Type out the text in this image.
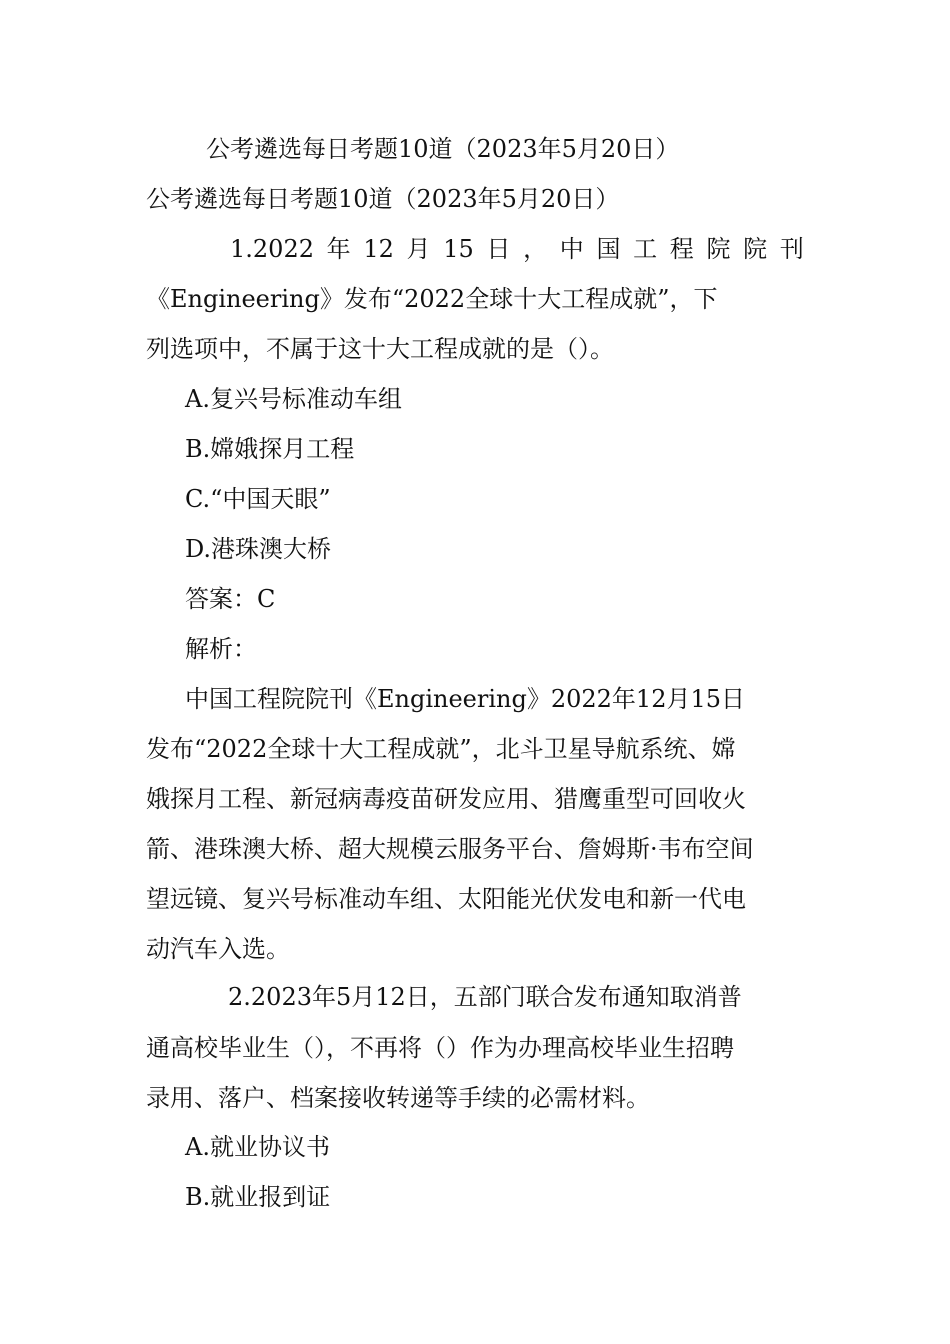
公考遴选每日考题10道（2023年5月20日）
公考遴选每日考题10道（2023年5月20日）
1.2022 年 12 月 15 日 ， 中 国 工 程 院 院 刊
《Engineering》发布“2022全球十大工程成就”，下
列选项中，不属于这十大工程成就的是（）。
A.复兴号标准动车组
B.嫦娥探月工程
C.“中国天眼”
D.港珠澳大桥
答案：C
解析：
中国工程院院刊《Engineering》2022年12月15日
发布“2022全球十大工程成就”，北斗卫星导航系统、嫦
娥探月工程、新冠病毒疫苗研发应用、猎鹰重型可回收火
箭、港珠澳大桥、超大规模云服务平台、詹姆斯·韦布空间
望远镜、复兴号标准动车组、太阳能光伏发电和新一代电
动汽车入选。
2.2023年5月12日，五部门联合发布通知取消普
通高校毕业生（），不再将（）作为办理高校毕业生招聘
录用、落户、档案接收转递等手续的必需材料。
A.就业协议书
B.就业报到证
